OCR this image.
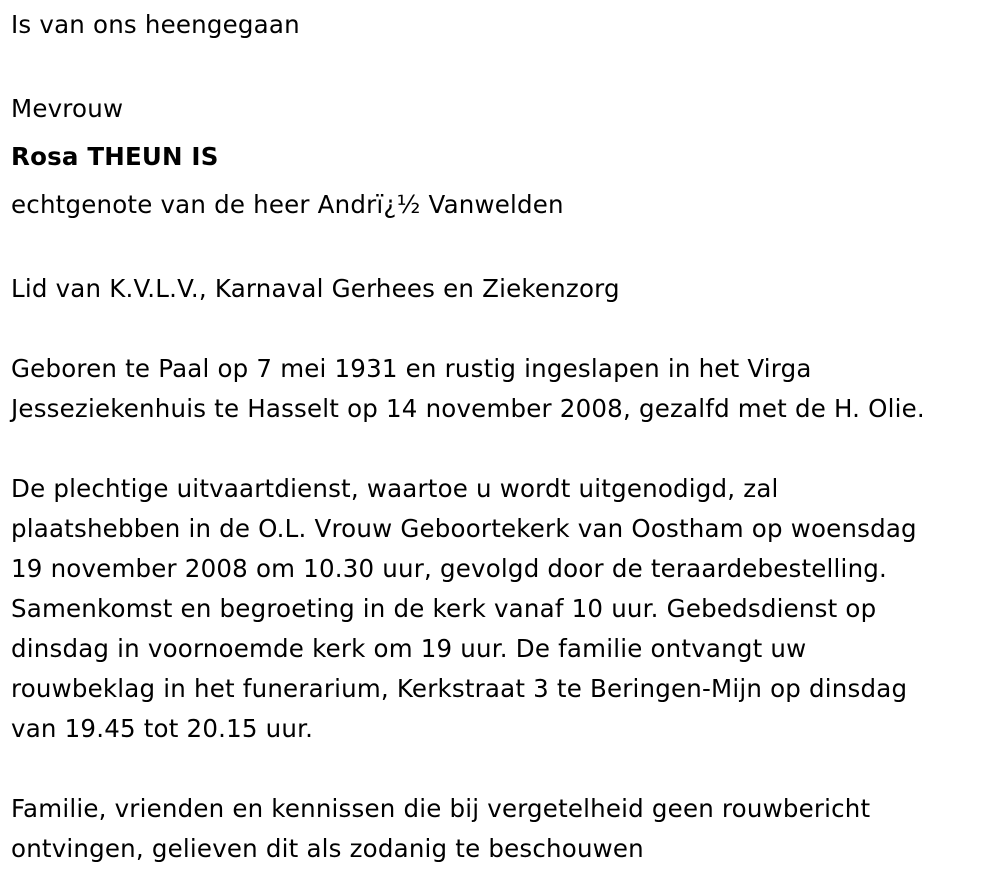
Is van ons heengegaan
Mevrouw
Rosa THEUN IS
echtgenote van de heer Andrï¿½ Vanwelden
Lid van K.V.L.V., Karnaval Gerhees en Ziekenzorg
Geboren te Paal op 7 mei 1931 en rustig ingeslapen in het Virga
Jesseziekenhuis te Hasselt op 14 november 2008, gezalfd met de H. Olie.
De plechtige uitvaartdienst, waartoe u wordt uitgenodigd, zal
plaatshebben in de O.L. Vrouw Geboortekerk van Oostham op woensdag
19 november 2008 om 10.30 uur, gevolgd door de teraardebestelling.
Samenkomst en begroeting in de kerk vanaf 10 uur. Gebedsdienst op
dinsdag in voornoemde kerk om 19 uur. De familie ontvangt uw
rouwbeklag in het funerarium, Kerkstraat 3 te Beringen-Mijn op dinsdag
van 19.45 tot 20.15 uur.
Familie, vrienden en kennissen die bij vergetelheid geen rouwbericht
ontvingen, gelieven dit als zodanig te beschouwen
